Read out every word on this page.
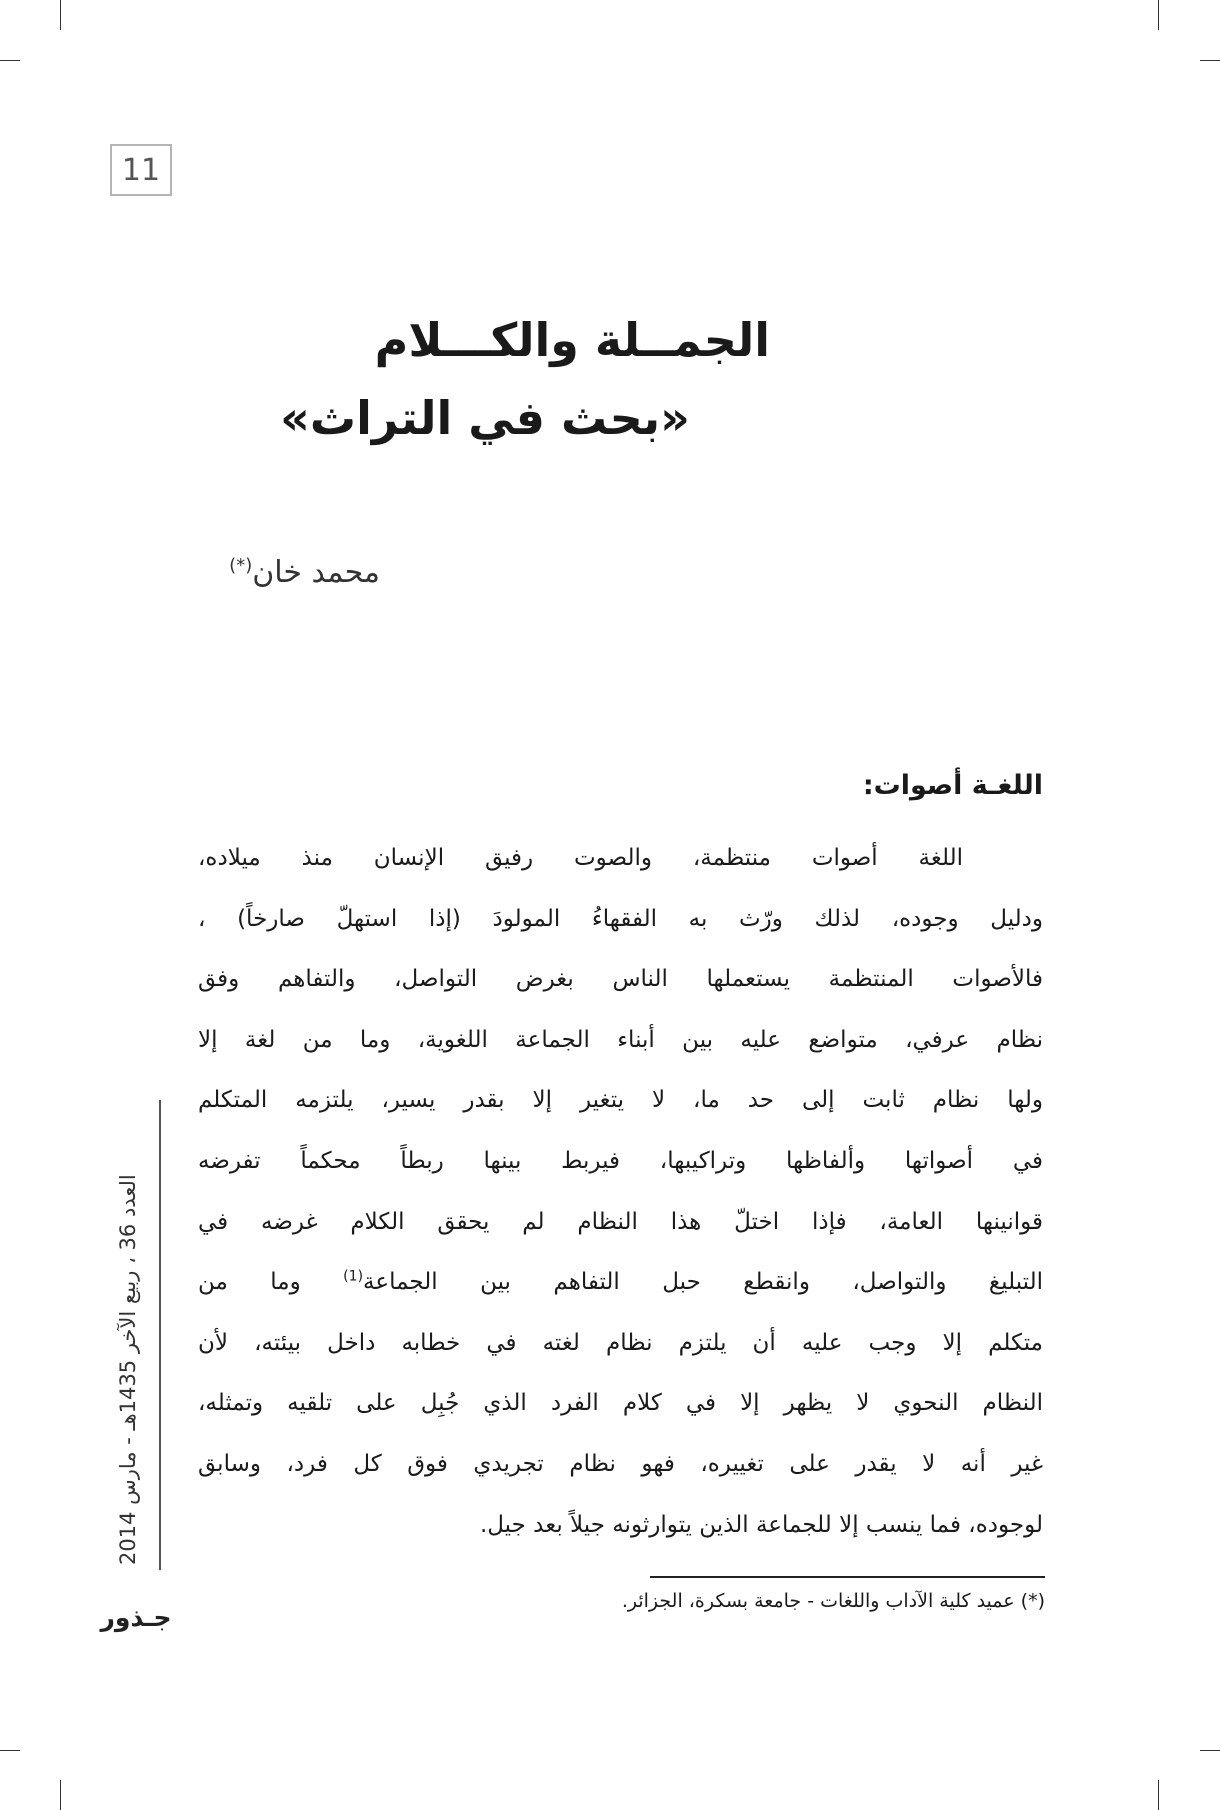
11
الجمــلة والكـــلام
«بحث في التراث»
محمد خان(*)
اللغـة أصوات:
اللغة أصوات منتظمة، والصوت رفيق الإنسان منذ ميلاده،
ودليل وجوده، لذلك ورّث به الفقهاءُ المولودَ (إذا استهلّ صارخاً) ،
فالأصوات المنتظمة يستعملها الناس بغرض التواصل، والتفاهم وفق
نظام عرفي، متواضع عليه بين أبناء الجماعة اللغوية، وما من لغة إلا
ولها نظام ثابت إلى حد ما، لا يتغير إلا بقدر يسير، يلتزمه المتكلم
في أصواتها وألفاظها وتراكيبها، فيربط بينها ربطاً محكماً تفرضه
قوانينها العامة، فإذا اختلّ هذا النظام لم يحقق الكلام غرضه في
التبليغ والتواصل، وانقطع حبل التفاهم بين الجماعة$^{(1)}$ وما من
متكلم إلا وجب عليه أن يلتزم نظام لغته في خطابه داخل بيئته، لأن
النظام النحوي لا يظهر إلا في كلام الفرد الذي جُبِل على تلقيه وتمثله،
غير أنه لا يقدر على تغييره، فهو نظام تجريدي فوق كل فرد، وسابق
لوجوده، فما ينسب إلا للجماعة الذين يتوارثونه جيلاً بعد جيل.
(*) عميد كلية الآداب واللغات - جامعة بسكرة، الجزائر.
العدد 36 ، ربيع الآخر 1435هـ - مارس 2014
جـذور
